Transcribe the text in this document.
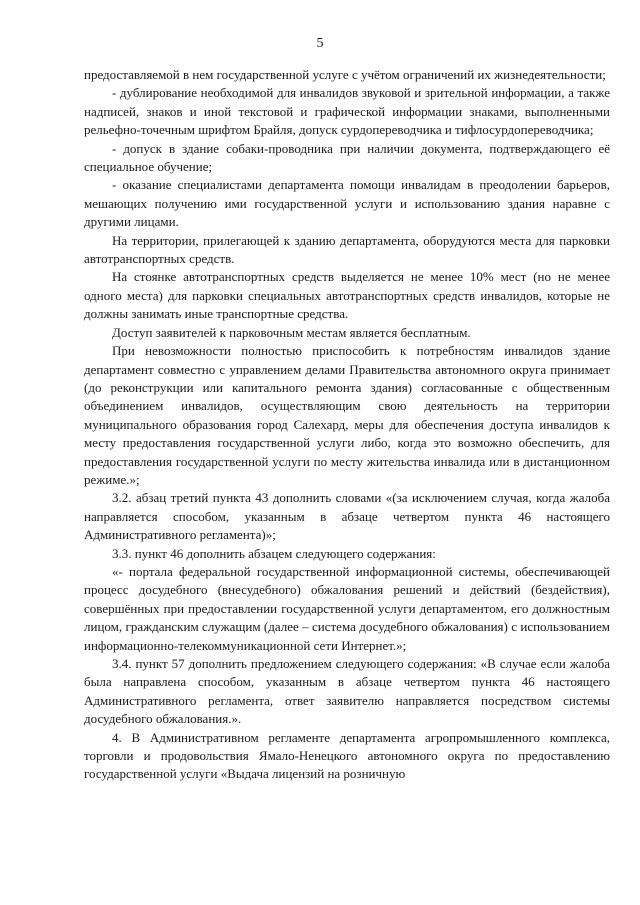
5

предоставляемой в нем государственной услуге с учётом ограничений их жизнедеятельности;

- дублирование необходимой для инвалидов звуковой и зрительной информации, а также надписей, знаков и иной текстовой и графической информации знаками, выполненными рельефно-точечным шрифтом Брайля, допуск сурдопереводчика и тифлосурдопереводчика;

- допуск в здание собаки-проводника при наличии документа, подтверждающего её специальное обучение;

- оказание специалистами департамента помощи инвалидам в преодолении барьеров, мешающих получению ими государственной услуги и использованию здания наравне с другими лицами.

На территории, прилегающей к зданию департамента, оборудуются места для парковки автотранспортных средств.

На стоянке автотранспортных средств выделяется не менее 10% мест (но не менее одного места) для парковки специальных автотранспортных средств инвалидов, которые не должны занимать иные транспортные средства.

Доступ заявителей к парковочным местам является бесплатным.

При невозможности полностью приспособить к потребностям инвалидов здание департамент совместно с управлением делами Правительства автономного округа принимает (до реконструкции или капитального ремонта здания) согласованные с общественным объединением инвалидов, осуществляющим свою деятельность на территории муниципального образования город Салехард, меры для обеспечения доступа инвалидов к месту предоставления государственной услуги либо, когда это возможно обеспечить, для предоставления государственной услуги по месту жительства инвалида или в дистанционном режиме.»;

3.2. абзац третий пункта 43 дополнить словами «(за исключением случая, когда жалоба направляется способом, указанным в абзаце четвертом пункта 46 настоящего Административного регламента)»;

3.3. пункт 46 дополнить абзацем следующего содержания:

«- портала федеральной государственной информационной системы, обеспечивающей процесс досудебного (внесудебного) обжалования решений и действий (бездействия), совершённых при предоставлении государственной услуги департаментом, его должностным лицом, гражданским служащим (далее – система досудебного обжалования) с использованием информационно-телекоммуникационной сети Интернет.»;

3.4. пункт 57 дополнить предложением следующего содержания: «В случае если жалоба была направлена способом, указанным в абзаце четвертом пункта 46 настоящего Административного регламента, ответ заявителю направляется посредством системы досудебного обжалования.».

4. В Административном регламенте департамента агропромышленного комплекса, торговли и продовольствия Ямало-Ненецкого автономного округа по предоставлению государственной услуги «Выдача лицензий на розничную
